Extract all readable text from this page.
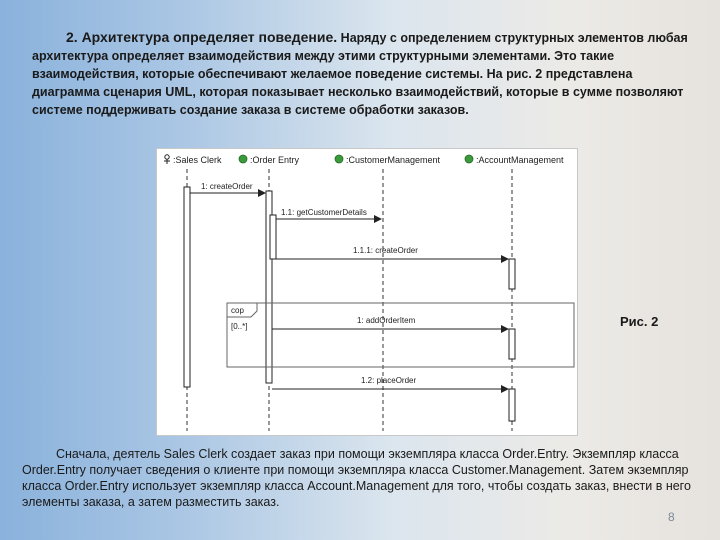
2. Архитектура определяет поведение. Наряду с определением структурных элементов любая архитектура определяет взаимодействия между этими структурными элементами. Это такие взаимодействия, которые обеспечивают желаемое поведение системы. На рис. 2 представлена диаграмма сценария UML, которая показывает несколько взаимодействий, которые в сумме позволяют системе поддерживать создание заказа в системе обработки заказов.
:Sales Clerk	:Order Entry	:CustomerManagement	:AccountManagement
1: createOrder
1.1: getCustomerDetails
1.1.1: createOrder
cop
[0..*]
1: addOrderItem
1.2: placeOrder
Рис. 2
Сначала, деятель Sales Clerk создает заказ при помощи экземпляра класса Order.Entry. Экземпляр класса Order.Entry получает сведения о клиенте при помощи экземпляра класса Customer.Management. Затем экземпляр класса Order.Entry использует экземпляр класса Account.Management для того, чтобы создать заказ, внести в него элементы заказа, а затем разместить заказ.
8
